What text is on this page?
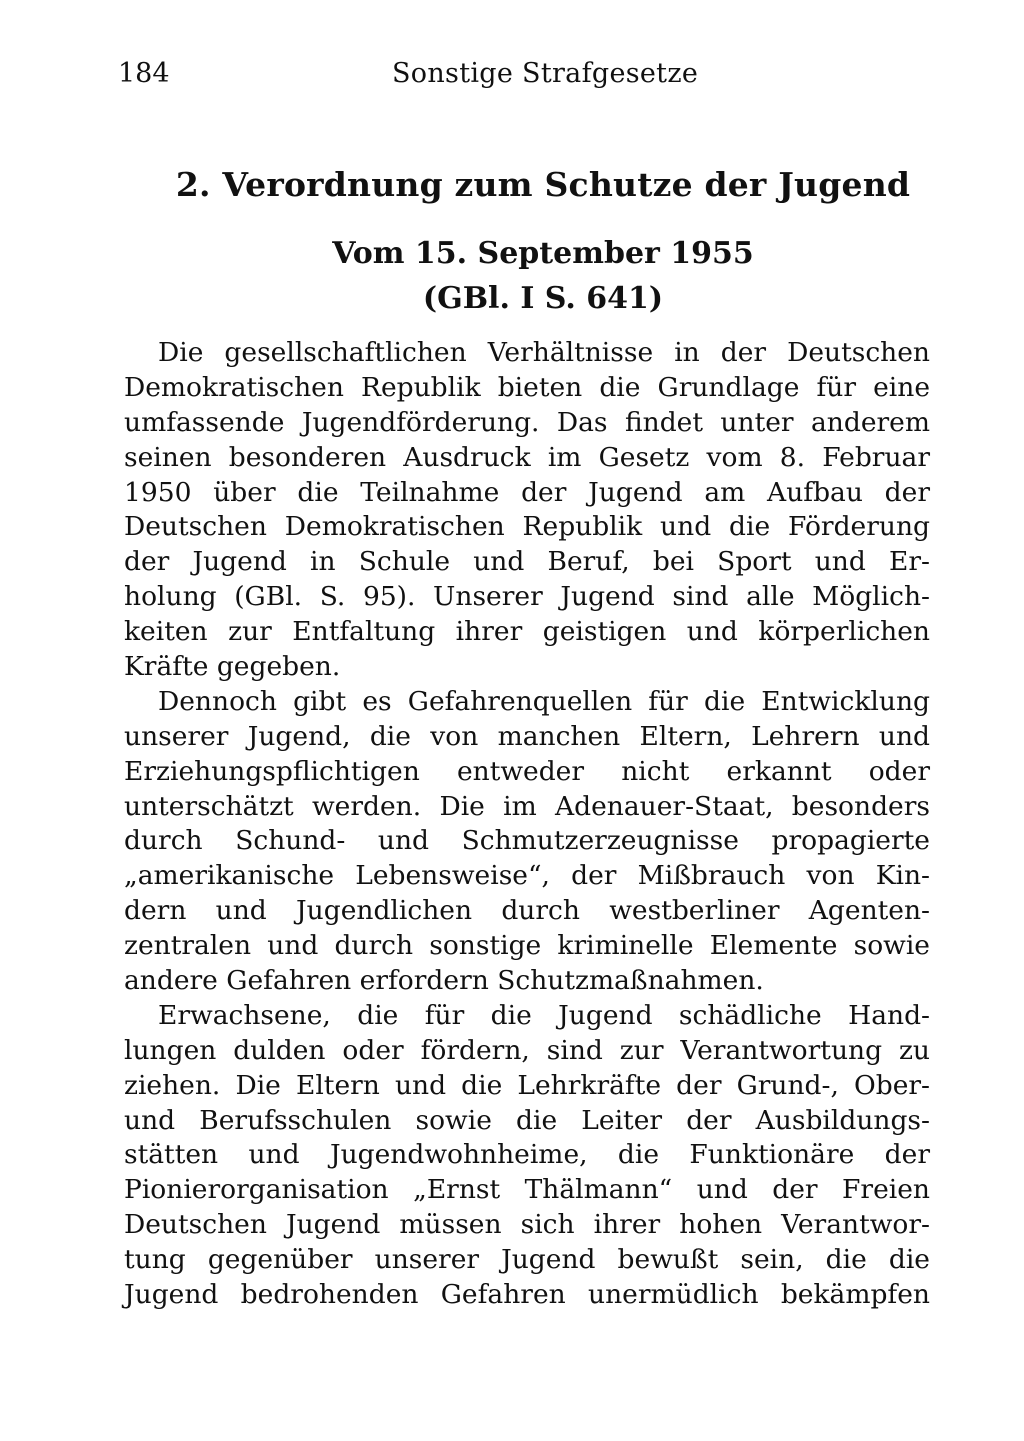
184	Sonstige Strafgesetze
2. Verordnung zum Schutze der Jugend
Vom 15. September 1955
(GBl. I S. 641)
Die gesellschaftlichen Verhältnisse in der Deutschen
Demokratischen Republik bieten die Grundlage für eine
umfassende Jugendförderung. Das findet unter anderem
seinen besonderen Ausdruck im Gesetz vom 8. Februar
1950 über die Teilnahme der Jugend am Aufbau der
Deutschen Demokratischen Republik und die Förderung
der Jugend in Schule und Beruf, bei Sport und Er-
holung (GBl. S. 95). Unserer Jugend sind alle Möglich-
keiten zur Entfaltung ihrer geistigen und körperlichen
Kräfte gegeben.
Dennoch gibt es Gefahrenquellen für die Entwicklung
unserer Jugend, die von manchen Eltern, Lehrern und
Erziehungspflichtigen entweder nicht erkannt oder
unterschätzt werden. Die im Adenauer-Staat, besonders
durch Schund- und Schmutzerzeugnisse propagierte
„amerikanische Lebensweise“, der Mißbrauch von Kin-
dern und Jugendlichen durch westberliner Agenten-
zentralen und durch sonstige kriminelle Elemente sowie
andere Gefahren erfordern Schutzmaßnahmen.
Erwachsene, die für die Jugend schädliche Hand-
lungen dulden oder fördern, sind zur Verantwortung zu
ziehen. Die Eltern und die Lehrkräfte der Grund-, Ober-
und Berufsschulen sowie die Leiter der Ausbildungs-
stätten und Jugendwohnheime, die Funktionäre der
Pionierorganisation „Ernst Thälmann“ und der Freien
Deutschen Jugend müssen sich ihrer hohen Verantwor-
tung gegenüber unserer Jugend bewußt sein, die die
Jugend bedrohenden Gefahren unermüdlich bekämpfen
